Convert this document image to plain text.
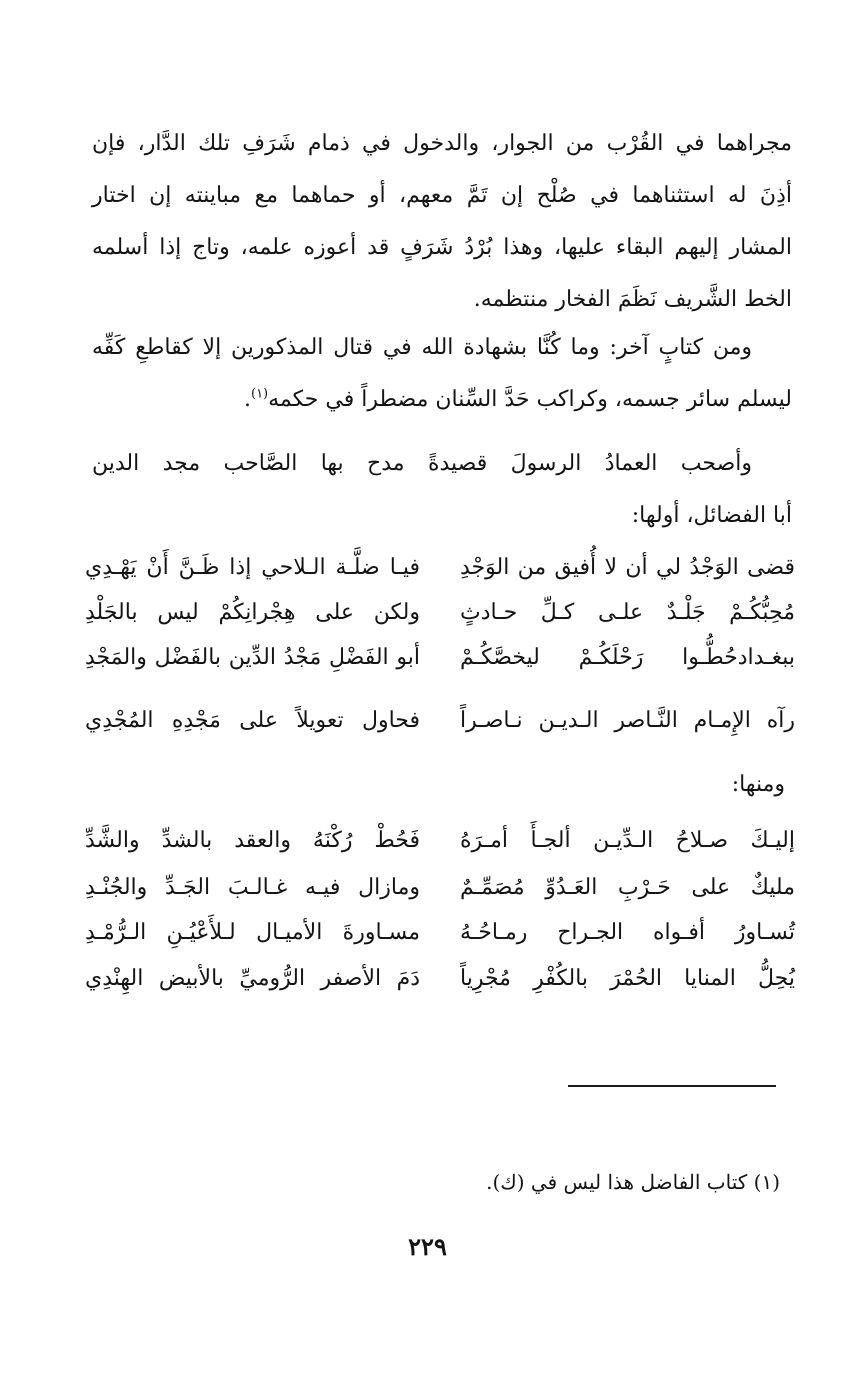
مجراهما في القُرْب من الجوار، والدخول في ذمام شَرَفِ تلك الدَّار، فإن
أذِنَ له استثناهما في صُلْح إن تَمَّ معهم، أو حماهما مع مباينته إن اختار
المشار إليهم البقاء عليها، وهذا بُرْدُ شَرَفٍ قد أعوزه علمه، وتاج إذا أسلمه
الخط الشَّريف نَظَمَ الفخار منتظمه.
ومن كتابٍ آخر: وما كُنَّا بشهادة الله في قتال المذكورين إلا كقاطعِ كَفِّه
ليسلم سائر جسمه، وكراكب حَدَّ السِّنان مضطراً في حكمه$^{(١)}$.
وأصحب العمادُ الرسولَ قصيدةً مدح بها الصَّاحب مجد الدين
أبا الفضائل، أولها:
قضى الوَجْدُ لي أن لا أُفيق من الوَجْدِ
فيـا ضلَّـة الـلاحي إذا ظَـنَّ أَنْ يَهْـدِي
مُحِبُّكُـمْ جَلْـدٌ علـى كـلِّ حـادثٍ
ولكن على هِجْرانِكُمْ ليس بالجَلْدِ
ببغـدادحُطُّـوا رَحْلَكُـمْ ليخصَّكُـمْ
أبو الفَضْلِ مَجْدُ الدِّين بالفَضْل والمَجْدِ
رآه الإِمـام النَّـاصر الـديـن نـاصـراً
فحاول تعويلاً على مَجْدِهِ المُجْدِي
ومنها:
إليـكَ صـلاحُ الـدِّيـن ألجـأَ أمـرَهُ
فَحُطْ رُكْنَهُ والعقد بالشدِّ والشَّدِّ
مليكٌ على حَـرْبِ العَـدُوِّ مُصَمِّـمٌ
ومازال فيـه غـالـبَ الجَـدِّ والجُنْـدِ
تُسـاورُ أفـواه الجـراح رمـاحُـهُ
مسـاورةَ الأميـال لـلأَعْيُـنِ الـرُّمْـدِ
يُحِلُّ المنايا الحُمْرَ بالكُفْرِ مُجْرِياً
دَمَ الأصفر الرُّوميِّ بالأبيض الهِنْدِي
(١) كتاب الفاضل هذا ليس في (ك).
٢٢٩
